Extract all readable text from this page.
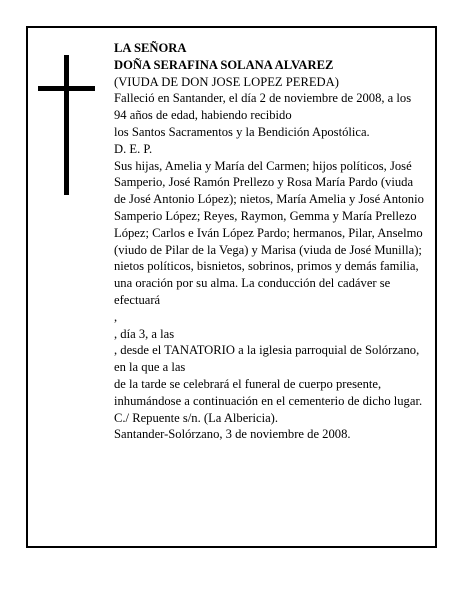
LA SEÑORA

DOÑA SERAFINA SOLANA ALVAREZ

(VIUDA DE DON JOSE LOPEZ PEREDA)

Falleció en Santander, el día 2 de noviembre de 2008, a los 94 años de edad, habiendo recibido

los Santos Sacramentos y la Bendición Apostólica.

D. E. P.

Sus hijas, Amelia y María del Carmen; hijos políticos, José Samperio, José Ramón Prellezo y Rosa María Pardo (viuda de José Antonio López); nietos, María Amelia y José Antonio Samperio López; Reyes, Raymon, Gemma y María Prellezo López; Carlos e Iván López Pardo; hermanos, Pilar, Anselmo (viudo de Pilar de la Vega) y Marisa (viuda de José Munilla); nietos políticos, bisnietos, sobrinos, primos y demás familia,

una oración por su alma. La conducción del cadáver se efectuará

,

, día 3, a las

, desde el TANATORIO a la iglesia parroquial de Solórzano, en la que a las

de la tarde se celebrará el funeral de cuerpo presente, inhumándose a continuación en el cementerio de dicho lugar.

C./ Repuente s/n. (La Albericia).

Santander-Solórzano, 3 de noviembre de 2008.
